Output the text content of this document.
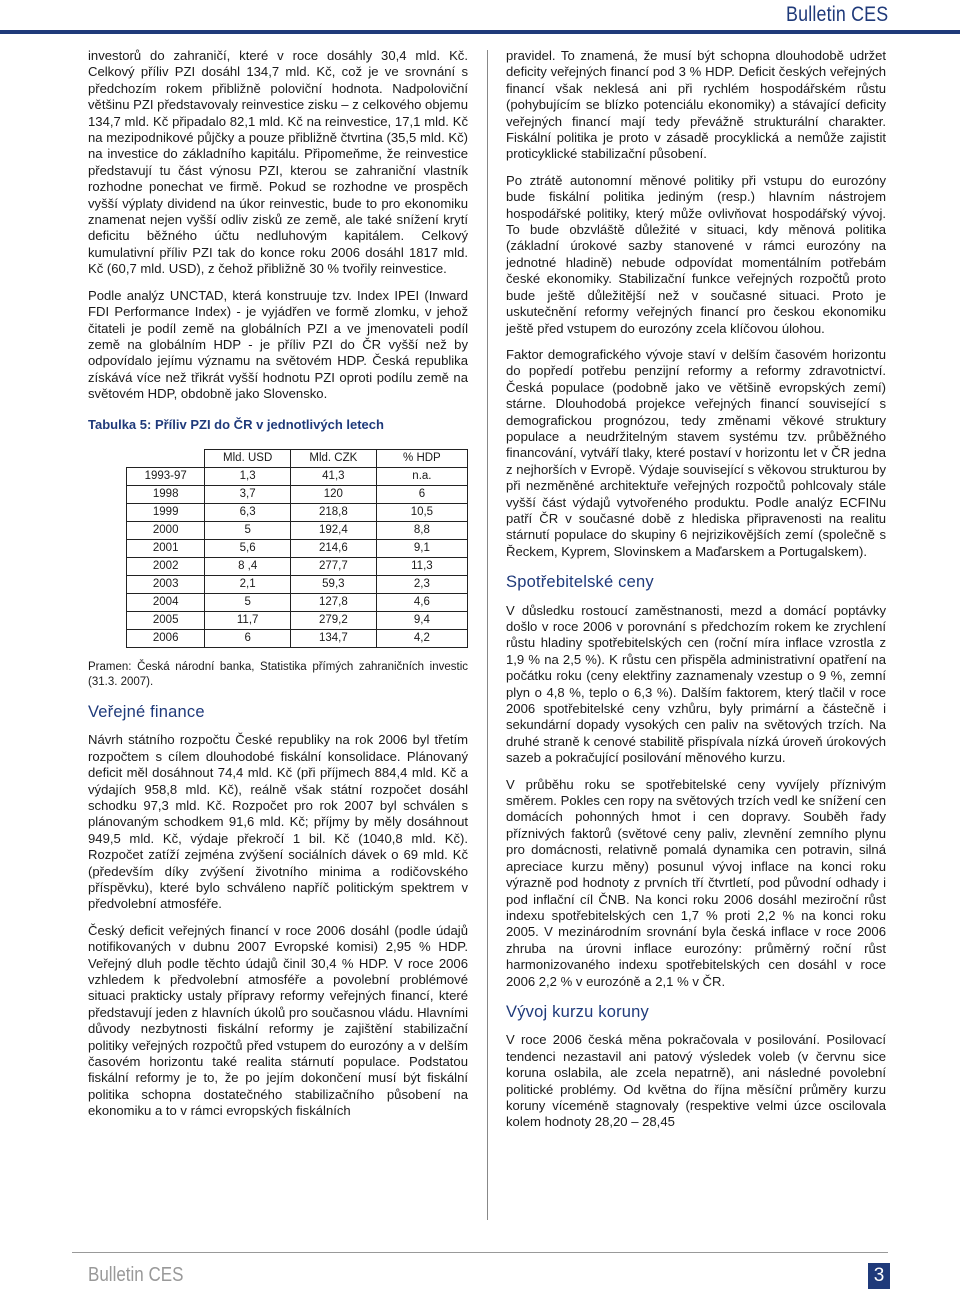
Bulletin CES

investorů do zahraničí, které v roce dosáhly 30,4 mld. Kč. Celkový příliv PZI dosáhl 134,7 mld. Kč, což je ve srovnání s předchozím rokem přibližně poloviční hodnota. Nadpoloviční většinu PZI představovaly reinvestice zisku – z celkového objemu 134,7 mld. Kč připadalo 82,1 mld. Kč na reinvestice, 17,1 mld. Kč na mezipodnikové půjčky a pouze přibližně čtvrtina (35,5 mld. Kč) na investice do základního kapitálu. Připomeňme, že reinvestice představují tu část výnosu PZI, kterou se zahraniční vlastník rozhodne ponechat ve firmě. Pokud se rozhodne ve prospěch vyšší výplaty dividend na úkor reinvestic, bude to pro ekonomiku znamenat nejen vyšší odliv zisků ze země, ale také snížení krytí deficitu běžného účtu nedluhovým kapitálem. Celkový kumulativní příliv PZI tak do konce roku 2006 dosáhl 1817 mld. Kč (60,7 mld. USD), z čehož přibližně 30 % tvořily reinvestice.

Podle analýz UNCTAD, která konstruuje tzv. Index IPEI (Inward FDI Performance Index) - je vyjádřen ve formě zlomku, v jehož čitateli je podíl země na globálních PZI a ve jmenovateli podíl země na globálním HDP - je příliv PZI do ČR vyšší než by odpovídalo jejímu významu na světovém HDP. Česká republika získává více než třikrát vyšší hodnotu PZI oproti podílu země na světovém HDP, obdobně jako Slovensko.

Tabulka 5: Příliv PZI do ČR v jednotlivých letech
	Mld. USD	Mld. CZK	% HDP
1993-97	1,3	41,3	n.a.
1998	3,7	120	6
1999	6,3	218,8	10,5
2000	5	192,4	8,8
2001	5,6	214,6	9,1
2002	8 ,4	277,7	11,3
2003	2,1	59,3	2,3
2004	5	127,8	4,6
2005	11,7	279,2	9,4
2006	6	134,7	4,2

Pramen: Česká národní banka, Statistika přímých zahraničních investic (31.3. 2007).

Veřejné finance

Návrh státního rozpočtu České republiky na rok 2006 byl třetím rozpočtem s cílem dlouhodobé fiskální konsolidace. Plánovaný deficit měl dosáhnout 74,4 mld. Kč (při příjmech 884,4 mld. Kč a výdajích 958,8 mld. Kč), reálně však státní rozpočet dosáhl schodku 97,3 mld. Kč. Rozpočet pro rok 2007 byl schválen s plánovaným schodkem 91,6 mld. Kč; příjmy by měly dosáhnout 949,5 mld. Kč, výdaje překročí 1 bil. Kč (1040,8 mld. Kč). Rozpočet zatíží zejména zvýšení sociálních dávek o 69 mld. Kč (především díky zvýšení životního minima a rodičovského příspěvku), které bylo schváleno napříč politickým spektrem v předvolební atmosféře.

Český deficit veřejných financí v roce 2006 dosáhl (podle údajů notifikovaných v dubnu 2007 Evropské komisi) 2,95 % HDP. Veřejný dluh podle těchto údajů činil 30,4 % HDP. V roce 2006 vzhledem k předvolební atmosféře a povolební problémové situaci prakticky ustaly přípravy reformy veřejných financí, které představují jeden z hlavních úkolů pro současnou vládu. Hlavními důvody nezbytnosti fiskální reformy je zajištění stabilizační politiky veřejných rozpočtů před vstupem do eurozóny a v delším časovém horizontu také realita stárnutí populace. Podstatou fiskální reformy je to, že po jejím dokončení musí být fiskální politika schopna dostatečného stabilizačního působení na ekonomiku a to v rámci evropských fiskálních

pravidel. To znamená, že musí být schopna dlouhodobě udržet deficity veřejných financí pod 3 % HDP. Deficit českých veřejných financí však neklesá ani při rychlém hospodářském růstu (pohybujícím se blízko potenciálu ekonomiky) a stávající deficity veřejných financí mají tedy převážně strukturální charakter. Fiskální politika je proto v zásadě procyklická a nemůže zajistit proticyklické stabilizační působení.

Po ztrátě autonomní měnové politiky při vstupu do eurozóny bude fiskální politika jediným (resp.) hlavním nástrojem hospodářské politiky, který může ovlivňovat hospodářský vývoj. To bude obzvláště důležité v situaci, kdy měnová politika (základní úrokové sazby stanovené v rámci eurozóny na jednotné hladině) nebude odpovídat momentálním potřebám české ekonomiky. Stabilizační funkce veřejných rozpočtů proto bude ještě důležitější než v současné situaci. Proto je uskutečnění reformy veřejných financí pro českou ekonomiku ještě před vstupem do eurozóny zcela klíčovou úlohou.

Faktor demografického vývoje staví v delším časovém horizontu do popředí potřebu penzijní reformy a reformy zdravotnictví. Česká populace (podobně jako ve většině evropských zemí) stárne. Dlouhodobá projekce veřejných financí související s demografickou prognózou, tedy změnami věkové struktury populace a neudržitelným stavem systému tzv. průběžného financování, vytváří tlaky, které postaví v horizontu let v ČR jedna z nejhorších v Evropě. Výdaje související s věkovou strukturou by při nezměněné architektuře veřejných rozpočtů pohlcovaly stále vyšší část výdajů vytvořeného produktu. Podle analýz ECFINu patří ČR v současné době z hlediska připravenosti na realitu stárnutí populace do skupiny 6 nejrizikovějších zemí (společně s Řeckem, Kyprem, Slovinskem a Maďarskem a Portugalskem).

Spotřebitelské ceny

V důsledku rostoucí zaměstnanosti, mezd a domácí poptávky došlo v roce 2006 v porovnání s předchozím rokem ke zrychlení růstu hladiny spotřebitelských cen (roční míra inflace vzrostla z 1,9 % na 2,5 %). K růstu cen přispěla administrativní opatření na počátku roku (ceny elektřiny zaznamenaly vzestup o 9 %, zemní plyn o 4,8 %, teplo o 6,3 %). Dalším faktorem, který tlačil v roce 2006 spotřebitelské ceny vzhůru, byly primární a částečně i sekundární dopady vysokých cen paliv na světových trzích. Na druhé straně k cenové stabilitě přispívala nízká úroveň úrokových sazeb a pokračující posilování měnového kurzu.

V průběhu roku se spotřebitelské ceny vyvíjely příznivým směrem. Pokles cen ropy na světových trzích vedl ke snížení cen domácích pohonných hmot i cen dopravy. Souběh řady příznivých faktorů (světové ceny paliv, zlevnění zemního plynu pro domácnosti, relativně pomalá dynamika cen potravin, silná apreciace kurzu měny) posunul vývoj inflace na konci roku výrazně pod hodnoty z prvních tří čtvrtletí, pod původní odhady i pod inflační cíl ČNB. Na konci roku 2006 dosáhl meziroční růst indexu spotřebitelských cen 1,7 % proti 2,2 % na konci roku 2005. V mezinárodním srovnání byla česká inflace v roce 2006 zhruba na úrovni inflace eurozóny: průměrný roční růst harmonizovaného indexu spotřebitelských cen dosáhl v roce 2006 2,2 % v eurozóně a 2,1 % v ČR.

Vývoj kurzu koruny

V roce 2006 česká měna pokračovala v posilování. Posilovací tendenci nezastavil ani patový výsledek voleb (v červnu sice koruna oslabila, ale zcela nepatrně), ani následné povolební politické problémy. Od května do října měsíční průměry kurzu koruny víceméně stagnovaly (respektive velmi úzce oscilovala kolem hodnoty 28,20 – 28,45

Bulletin CES	3
